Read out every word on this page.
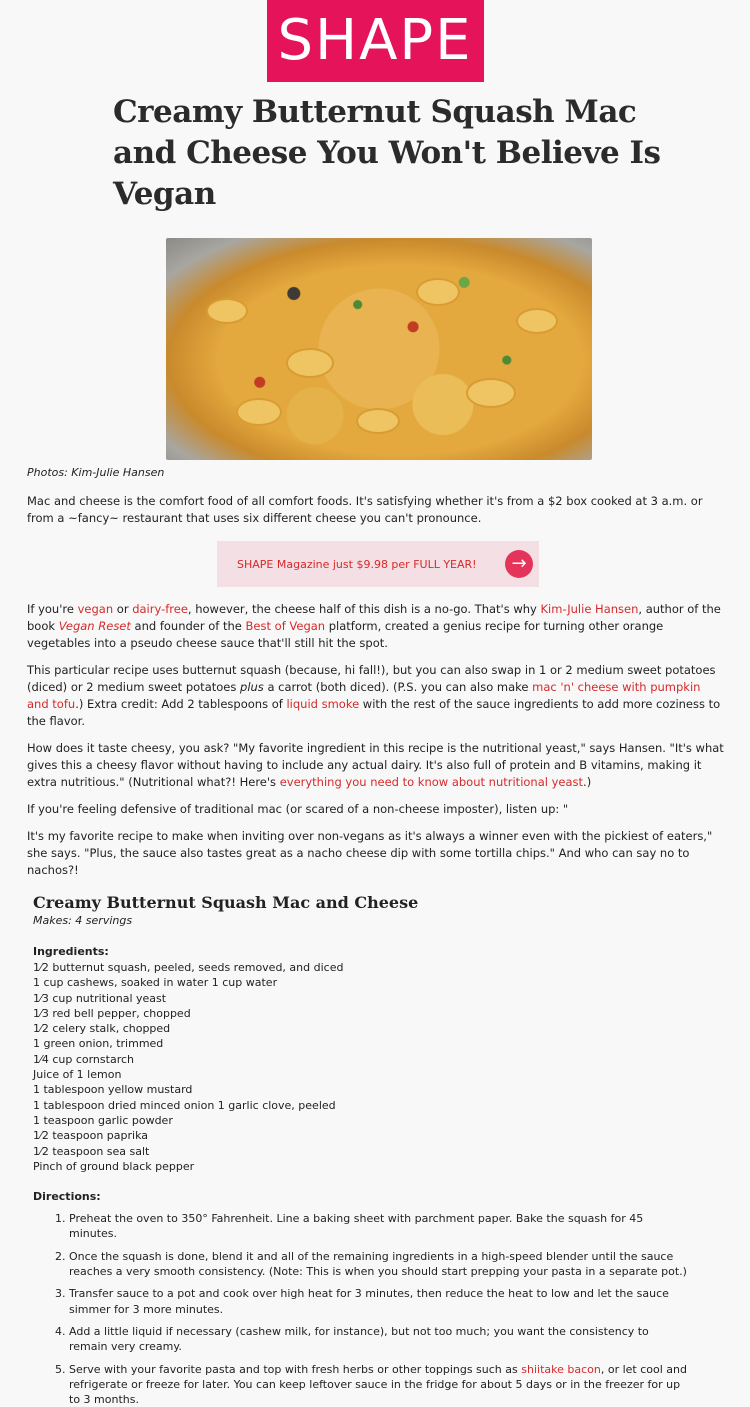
SHAPE
Creamy Butternut Squash Mac and Cheese You Won't Believe Is Vegan
Photos: Kim-Julie Hansen

Mac and cheese is the comfort food of all comfort foods. It's satisfying whether it's from a $2 box cooked at 3 a.m. or from a ~fancy~ restaurant that uses six different cheese you can't pronounce.

SHAPE Magazine just $9.98 per FULL YEAR!	→

If you're vegan or dairy-free, however, the cheese half of this dish is a no-go. That's why Kim-Julie Hansen, author of the book Vegan Reset and founder of the Best of Vegan platform, created a genius recipe for turning other orange vegetables into a pseudo cheese sauce that'll still hit the spot.

This particular recipe uses butternut squash (because, hi fall!), but you can also swap in 1 or 2 medium sweet potatoes (diced) or 2 medium sweet potatoes plus a carrot (both diced). (P.S. you can also make mac 'n' cheese with pumpkin and tofu.) Extra credit: Add 2 tablespoons of liquid smoke with the rest of the sauce ingredients to add more coziness to the flavor.

How does it taste cheesy, you ask? "My favorite ingredient in this recipe is the nutritional yeast," says Hansen. "It's what gives this a cheesy flavor without having to include any actual dairy. It's also full of protein and B vitamins, making it extra nutritious." (Nutritional what?! Here's everything you need to know about nutritional yeast.)

If you're feeling defensive of traditional mac (or scared of a non-cheese imposter), listen up: "

It's my favorite recipe to make when inviting over non-vegans as it's always a winner even with the pickiest of eaters," she says. "Plus, the sauce also tastes great as a nacho cheese dip with some tortilla chips." And who can say no to nachos?!

Creamy Butternut Squash Mac and Cheese
Makes: 4 servings
Ingredients:
1⁄2 butternut squash, peeled, seeds removed, and diced
1 cup cashews, soaked in water 1 cup water
1⁄3 cup nutritional yeast
1⁄3 red bell pepper, chopped
1⁄2 celery stalk, chopped
1 green onion, trimmed
1⁄4 cup cornstarch
Juice of 1 lemon
1 tablespoon yellow mustard
1 tablespoon dried minced onion 1 garlic clove, peeled
1 teaspoon garlic powder
1⁄2 teaspoon paprika
1⁄2 teaspoon sea salt
Pinch of ground black pepper
Directions:
1. Preheat the oven to 350° Fahrenheit. Line a baking sheet with parchment paper. Bake the squash for 45 minutes.
2. Once the squash is done, blend it and all of the remaining ingredients in a high-speed blender until the sauce reaches a very smooth consistency. (Note: This is when you should start prepping your pasta in a separate pot.)
3. Transfer sauce to a pot and cook over high heat for 3 minutes, then reduce the heat to low and let the sauce simmer for 3 more minutes.
4. Add a little liquid if necessary (cashew milk, for instance), but not too much; you want the consistency to remain very creamy.
5. Serve with your favorite pasta and top with fresh herbs or other toppings such as shiitake bacon, or let cool and refrigerate or freeze for later. You can keep leftover sauce in the fridge for about 5 days or in the freezer for up to 3 months.
